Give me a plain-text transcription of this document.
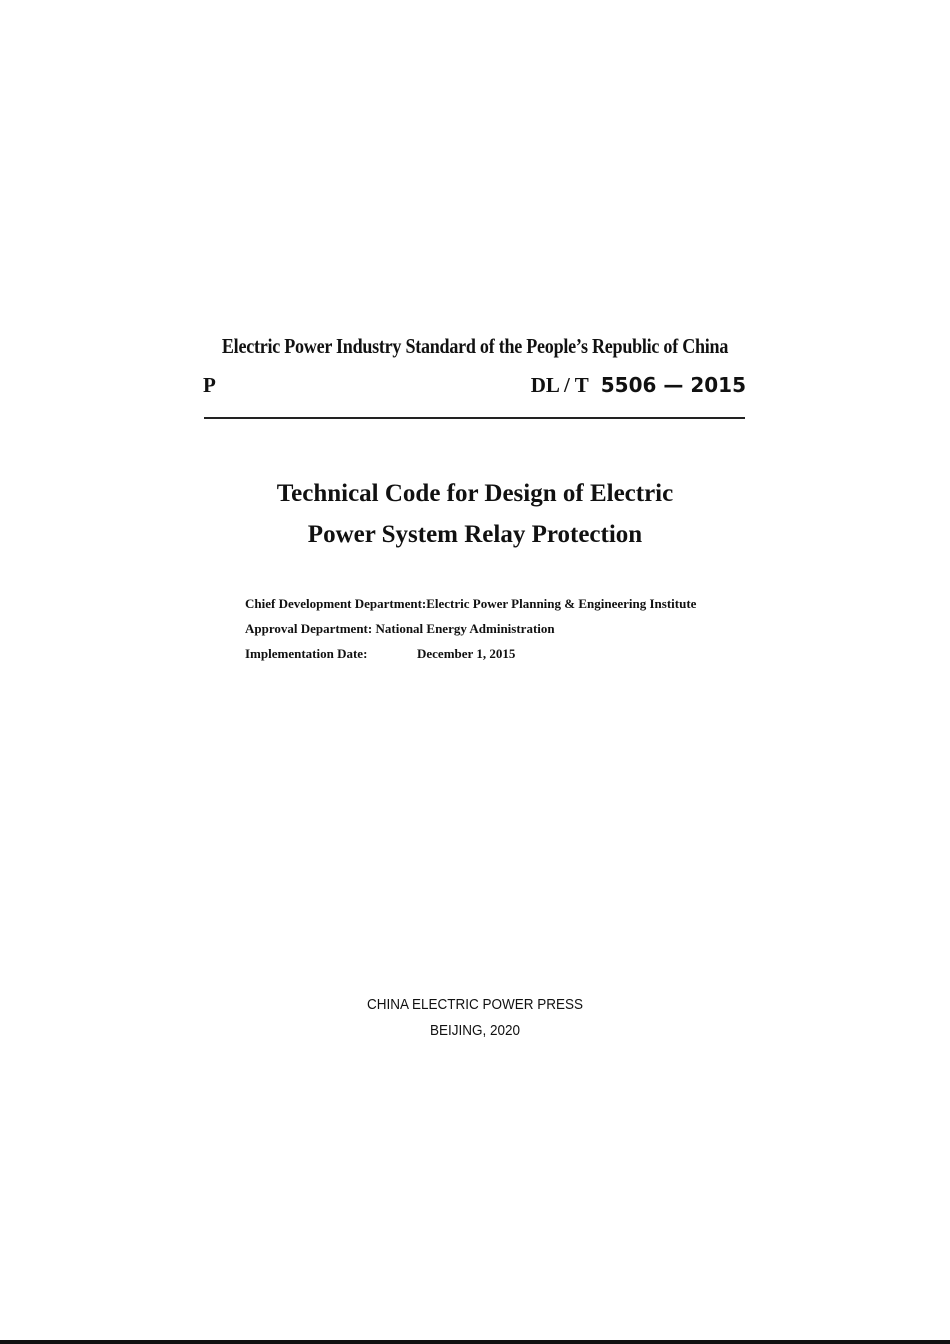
Electric Power Industry Standard of the People’s Republic of China
P	DL / T 5506 — 2015
Technical Code for Design of Electric
Power System Relay Protection
Chief Development Department:Electric Power Planning & Engineering Institute
Approval Department: National Energy Administration
Implementation Date:	December 1, 2015
CHINA ELECTRIC POWER PRESS
BEIJING, 2020
